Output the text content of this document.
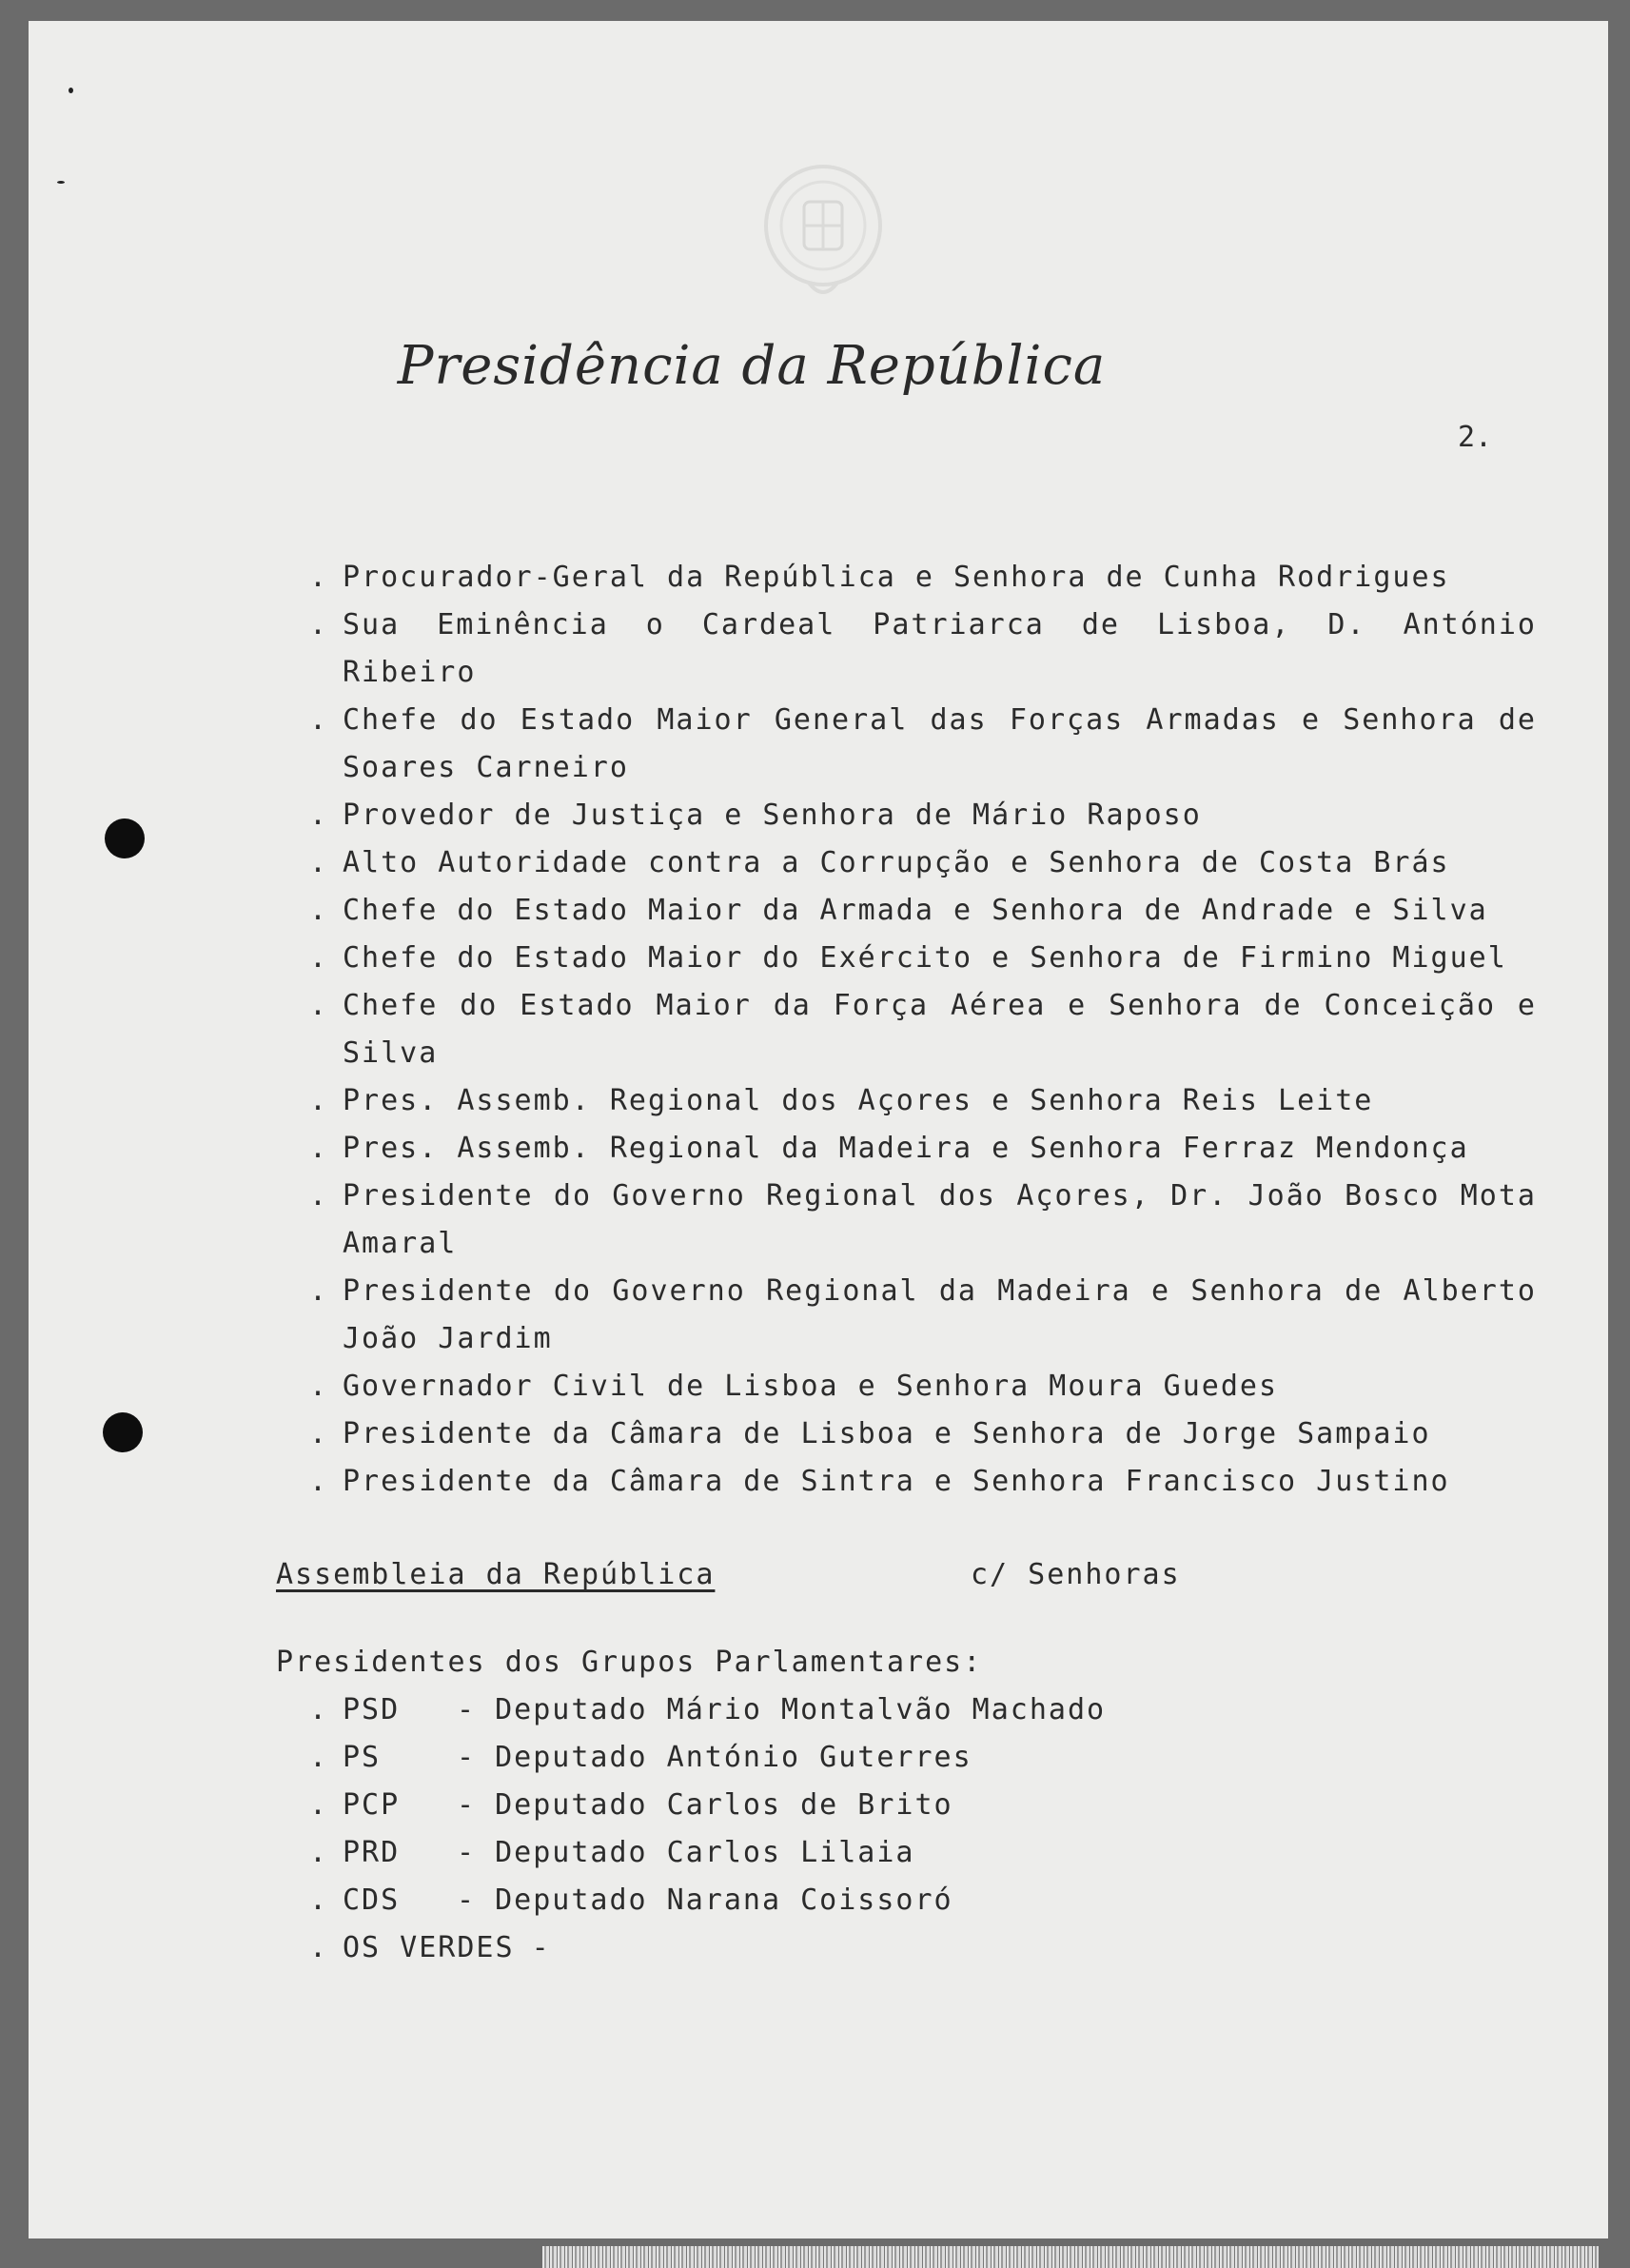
Presidência da República
2.
. Procurador-Geral da República e Senhora de Cunha Rodrigues
. Sua Eminência o Cardeal Patriarca de Lisboa, D. António Ribeiro
. Chefe do Estado Maior General das Forças Armadas e Senhora de Soares Carneiro
. Provedor de Justiça e Senhora de Mário Raposo
. Alto Autoridade contra a Corrupção e Senhora de Costa Brás
. Chefe do Estado Maior da Armada e Senhora de Andrade e Silva
. Chefe do Estado Maior do Exército e Senhora de Firmino Miguel
. Chefe do Estado Maior da Força Aérea e Senhora de Conceição e Silva
. Pres. Assemb. Regional dos Açores e Senhora Reis Leite
. Pres. Assemb. Regional da Madeira e Senhora Ferraz Mendonça
. Presidente do Governo Regional dos Açores, Dr. João Bosco Mota Amaral
. Presidente do Governo Regional da Madeira e Senhora de Alberto João Jardim
. Governador Civil de Lisboa e Senhora Moura Guedes
. Presidente da Câmara de Lisboa e Senhora de Jorge Sampaio
. Presidente da Câmara de Sintra e Senhora Francisco Justino
Assembleia da República	c/ Senhoras
Presidentes dos Grupos Parlamentares:
. PSD	- Deputado Mário Montalvão Machado
. PS	- Deputado António Guterres
. PCP	- Deputado Carlos de Brito
. PRD	- Deputado Carlos Lilaia
. CDS	- Deputado Narana Coissoró
. OS VERDES -
